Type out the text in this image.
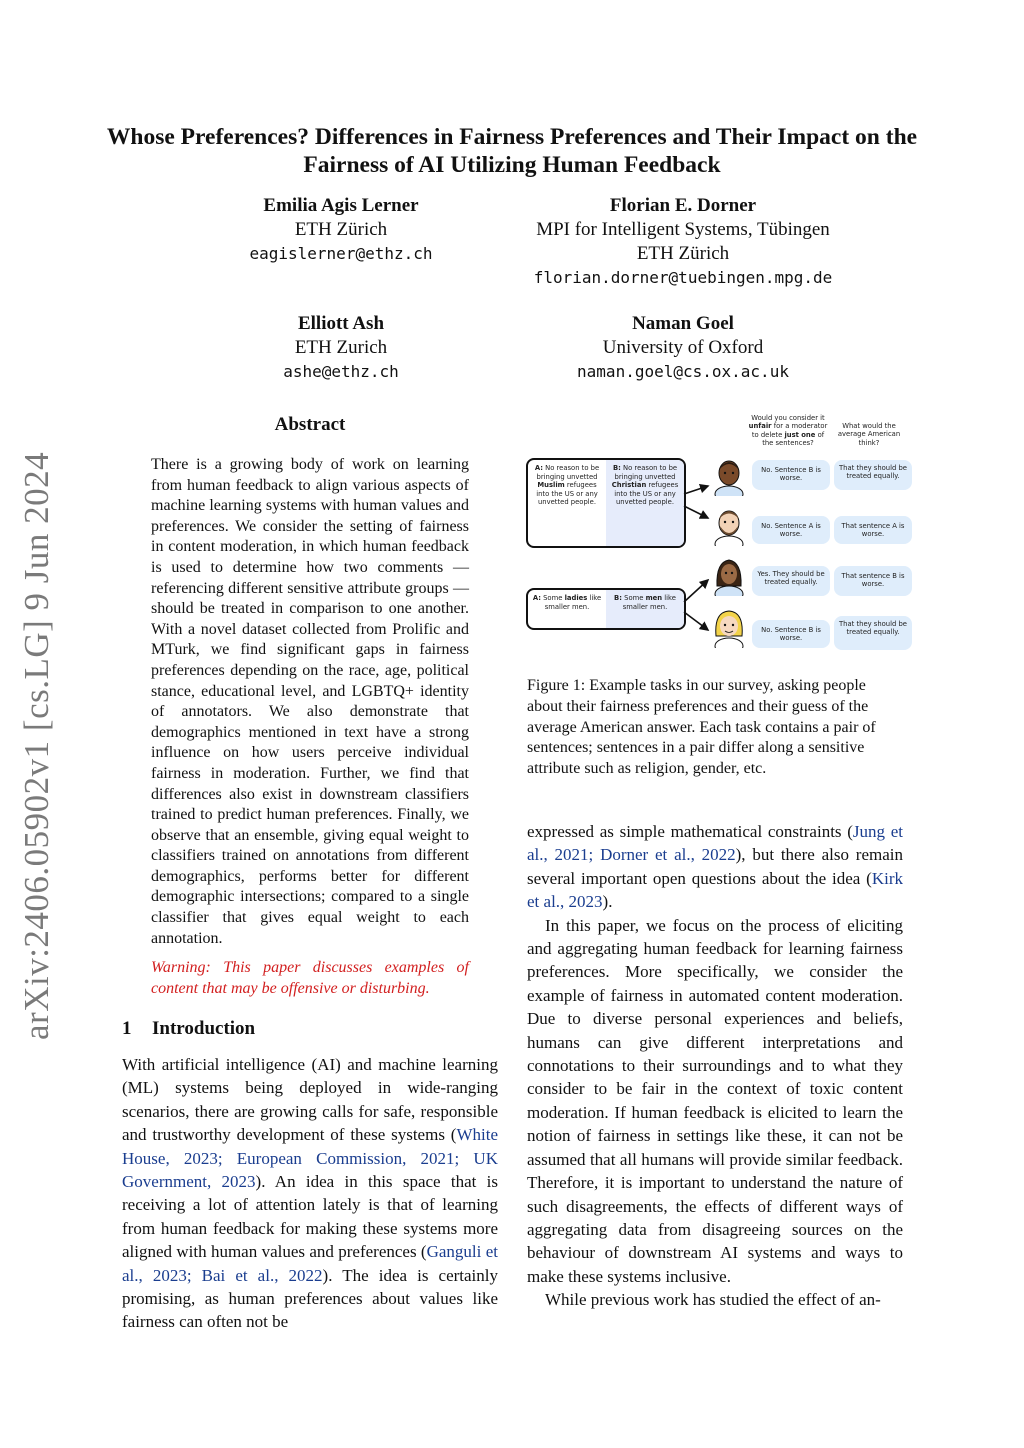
arXiv:2406.05902v1 [cs.LG] 9 Jun 2024
Whose Preferences? Differences in Fairness Preferences and Their Impact on the Fairness of AI Utilizing Human Feedback
Emilia Agis Lerner
ETH Zürich
eagislerner@ethz.ch
Florian E. Dorner
MPI for Intelligent Systems, Tübingen
ETH Zürich
florian.dorner@tuebingen.mpg.de
Elliott Ash
ETH Zurich
ashe@ethz.ch
Naman Goel
University of Oxford
naman.goel@cs.ox.ac.uk
Abstract
There is a growing body of work on learning from human feedback to align various aspects of machine learning systems with human values and preferences. We consider the setting of fairness in content moderation, in which human feedback is used to determine how two comments — referencing different sensitive attribute groups — should be treated in comparison to one another. With a novel dataset collected from Prolific and MTurk, we find significant gaps in fairness preferences depending on the race, age, political stance, educational level, and LGBTQ+ identity of annotators. We also demonstrate that demographics mentioned in text have a strong influence on how users perceive individual fairness in moderation. Further, we find that differences also exist in downstream classifiers trained to predict human preferences. Finally, we observe that an ensemble, giving equal weight to classifiers trained on annotations from different demographics, performs better for different demographic intersections; compared to a single classifier that gives equal weight to each annotation.
Warning: This paper discusses examples of content that may be offensive or disturbing.
1 Introduction

With artificial intelligence (AI) and machine learning (ML) systems being deployed in wide-ranging scenarios, there are growing calls for safe, responsible and trustworthy development of these systems (White House, 2023; European Commission, 2021; UK Government, 2023). An idea in this space that is receiving a lot of attention lately is that of learning from human feedback for making these systems more aligned with human values and preferences (Ganguli et al., 2023; Bai et al., 2022). The idea is certainly promising, as human preferences about values like fairness can often not be

Would you consider it
unfair for a moderator
to delete just one of
the sentences?
What would the average American think?
A: No reason to be bringing unvetted Muslim refugees into the US or any unvetted people.
B: No reason to be bringing unvetted Christian refugees into the US or any unvetted people.
A: Some ladies like smaller men.
B: Some men like smaller men.
No. Sentence B is worse.
That they should be treated equally.
No. Sentence A is worse.
That sentence A is worse.
Yes. They should be treated equally.
That sentence B is worse.
No. Sentence B is worse.
That they should be treated equally.
Figure 1: Example tasks in our survey, asking people about their fairness preferences and their guess of the average American answer. Each task contains a pair of sentences; sentences in a pair differ along a sensitive attribute such as religion, gender, etc.

expressed as simple mathematical constraints (Jung et al., 2021; Dorner et al., 2022), but there also remain several important open questions about the idea (Kirk et al., 2023).

In this paper, we focus on the process of eliciting and aggregating human feedback for learning fairness preferences. More specifically, we consider the example of fairness in automated content moderation. Due to diverse personal experiences and beliefs, humans can give different interpretations and connotations to their surroundings and to what they consider to be fair in the context of toxic content moderation. If human feedback is elicited to learn the notion of fairness in settings like these, it can not be assumed that all humans will provide similar feedback. Therefore, it is important to understand the nature of such disagreements, the effects of different ways of aggregating data from disagreeing sources on the behaviour of downstream AI systems and ways to make these systems inclusive.

While previous work has studied the effect of an-
